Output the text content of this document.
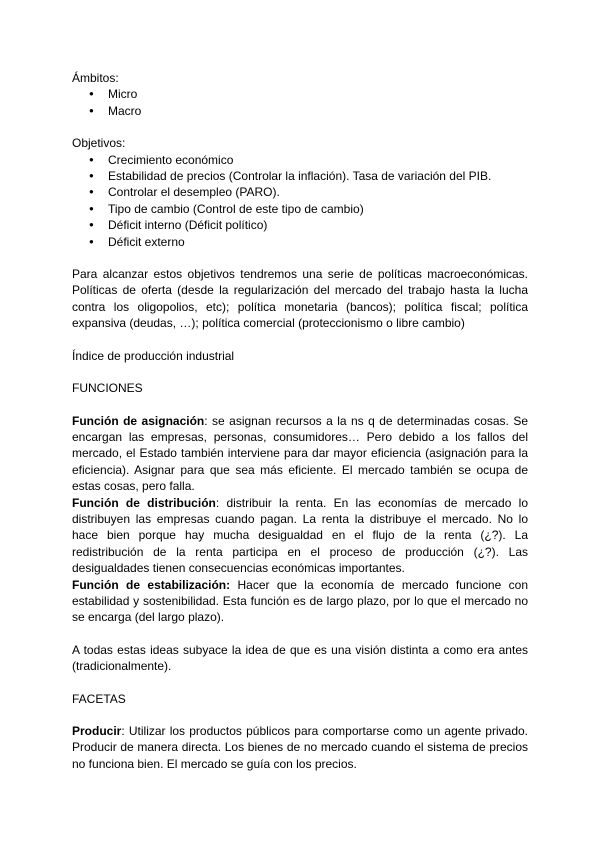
Ámbitos:

● Micro
● Macro

Objetivos:

● Crecimiento económico
● Estabilidad de precios (Controlar la inflación). Tasa de variación del PIB.
● Controlar el desempleo (PARO).
● Tipo de cambio (Control de este tipo de cambio)
● Déficit interno (Déficit político)
● Déficit externo

Para alcanzar estos objetivos tendremos una serie de políticas macroeconómicas. Políticas de oferta (desde la regularización del mercado del trabajo hasta la lucha contra los oligopolios, etc); política monetaria (bancos); política fiscal; política expansiva (deudas, …); política comercial (proteccionismo o libre cambio)

Índice de producción industrial

FUNCIONES

Función de asignación: se asignan recursos a la ns q de determinadas cosas. Se encargan las empresas, personas, consumidores… Pero debido a los fallos del mercado, el Estado también interviene para dar mayor eficiencia (asignación para la eficiencia). Asignar para que sea más eficiente. El mercado también se ocupa de estas cosas, pero falla.

Función de distribución: distribuir la renta. En las economías de mercado lo distribuyen las empresas cuando pagan. La renta la distribuye el mercado. No lo hace bien porque hay mucha desigualdad en el flujo de la renta (¿?). La redistribución de la renta participa en el proceso de producción (¿?). Las desigualdades tienen consecuencias económicas importantes.

Función de estabilización: Hacer que la economía de mercado funcione con estabilidad y sostenibilidad. Esta función es de largo plazo, por lo que el mercado no se encarga (del largo plazo).

A todas estas ideas subyace la idea de que es una visión distinta a como era antes (tradicionalmente).

FACETAS

Producir: Utilizar los productos públicos para comportarse como un agente privado. Producir de manera directa. Los bienes de no mercado cuando el sistema de precios no funciona bien. El mercado se guía con los precios.
